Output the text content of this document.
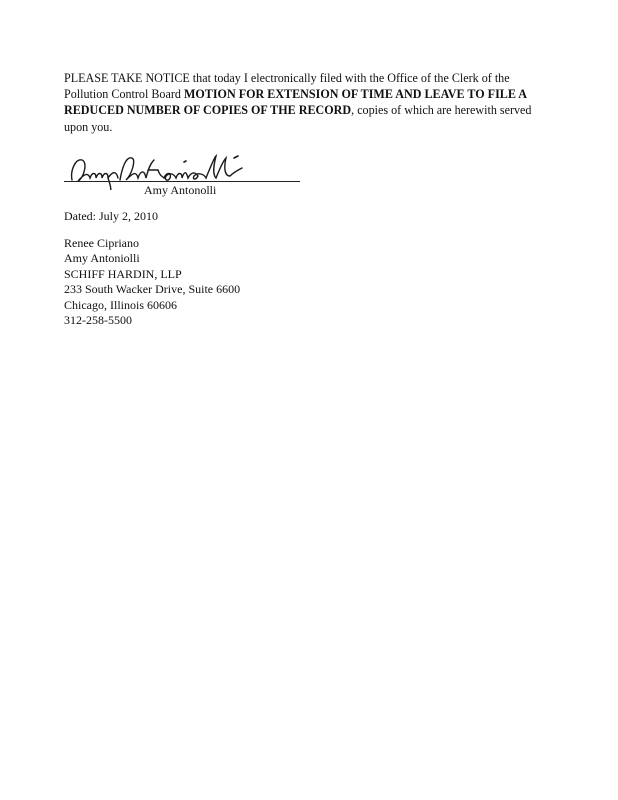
PLEASE TAKE NOTICE that today I electronically filed with the Office of the Clerk of the Pollution Control Board MOTION FOR EXTENSION OF TIME AND LEAVE TO FILE A REDUCED NUMBER OF COPIES OF THE RECORD, copies of which are herewith served upon you.

Amy Antonolli
Dated: July 2, 2010
Renee Cipriano
Amy Antoniolli
SCHIFF HARDIN, LLP
233 South Wacker Drive, Suite 6600
Chicago, Illinois 60606
312-258-5500
